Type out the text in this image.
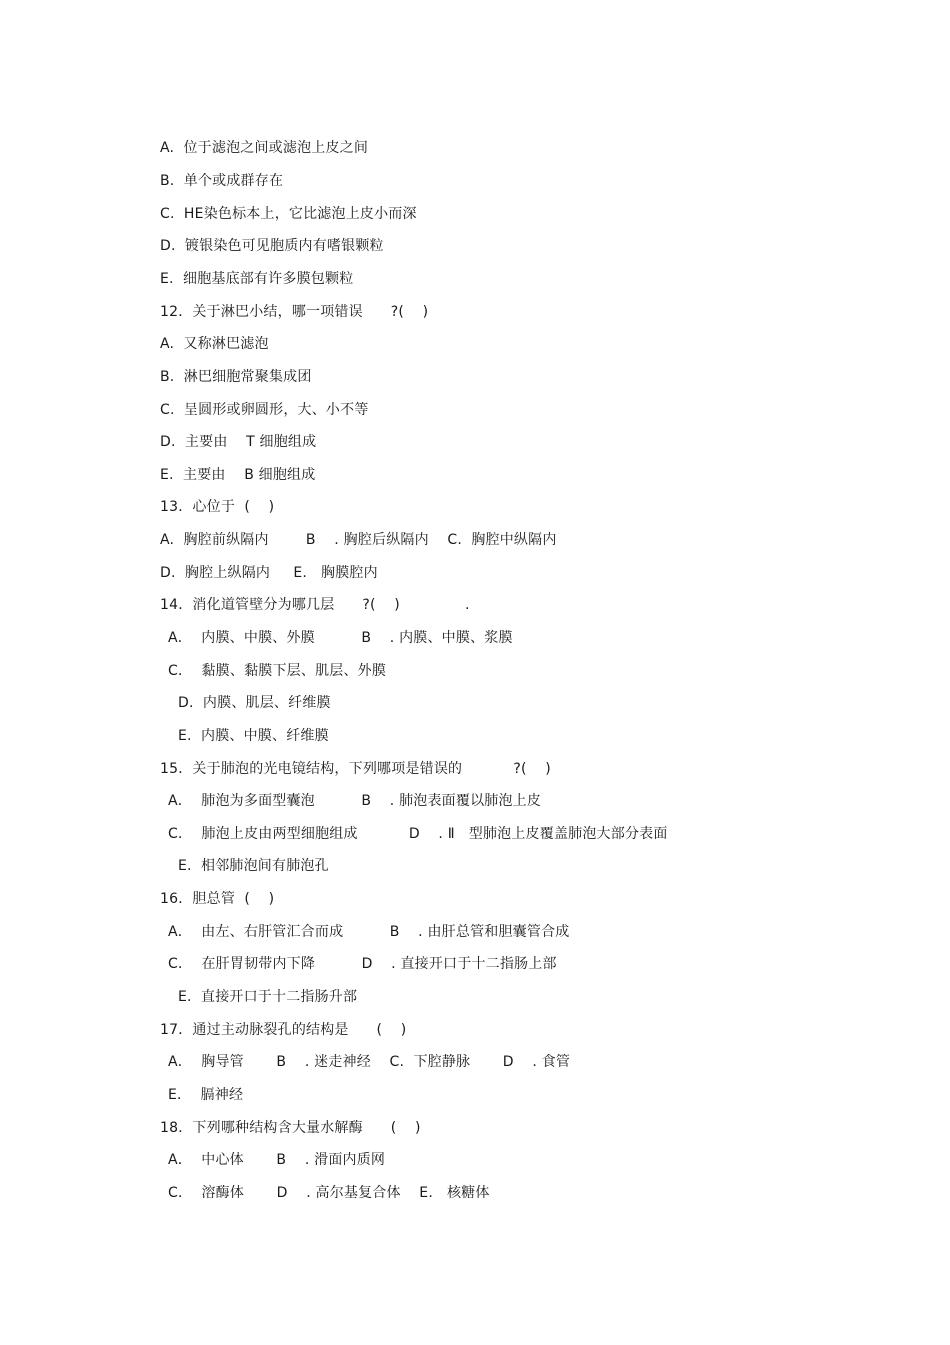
A.  位于滤泡之间或滤泡上皮之间
B.  单个或成群存在
C.  HE染色标本上，它比滤泡上皮小而深
D.  镀银染色可见胞质内有嗜银颗粒
E.  细胞基底部有许多膜包颗粒
12．关于淋巴小结，哪一项错误      ?(    )
A.  又称淋巴滤泡
B.  淋巴细胞常聚集成团
C.  呈圆形或卵圆形，大、小不等
D.  主要由    T 细胞组成
E.  主要由    B 细胞组成
13．心位于  (    )
A.  胸腔前纵隔内        B    . 胸腔后纵隔内    C.  胸腔中纵隔内
D.  胸腔上纵隔内     E.   胸膜腔内
14．消化道管壁分为哪几层      ?(    )              .
A．  内膜、中膜、外膜          B    . 内膜、中膜、浆膜
C．  黏膜、黏膜下层、肌层、外膜
D.  内膜、肌层、纤维膜
E.  内膜、中膜、纤维膜
15．关于肺泡的光电镜结构，下列哪项是错误的           ?(    )
A．  肺泡为多面型囊泡          B    . 肺泡表面覆以肺泡上皮
C．  肺泡上皮由两型细胞组成           D    . Ⅱ   型肺泡上皮覆盖肺泡大部分表面
E.  相邻肺泡间有肺泡孔
16．胆总管  (    )
A．  由左、右肝管汇合而成          B    . 由肝总管和胆囊管合成
C．  在肝胃韧带内下降          D    . 直接开口于十二指肠上部
E.  直接开口于十二指肠升部
17．通过主动脉裂孔的结构是      (    )
A．  胸导管       B    . 迷走神经    C.  下腔静脉       D    . 食管
E．  膈神经
18．下列哪种结构含大量水解酶      (    )
A．  中心体       B    . 滑面内质网
C．  溶酶体       D    . 高尔基复合体    E.   核糖体
